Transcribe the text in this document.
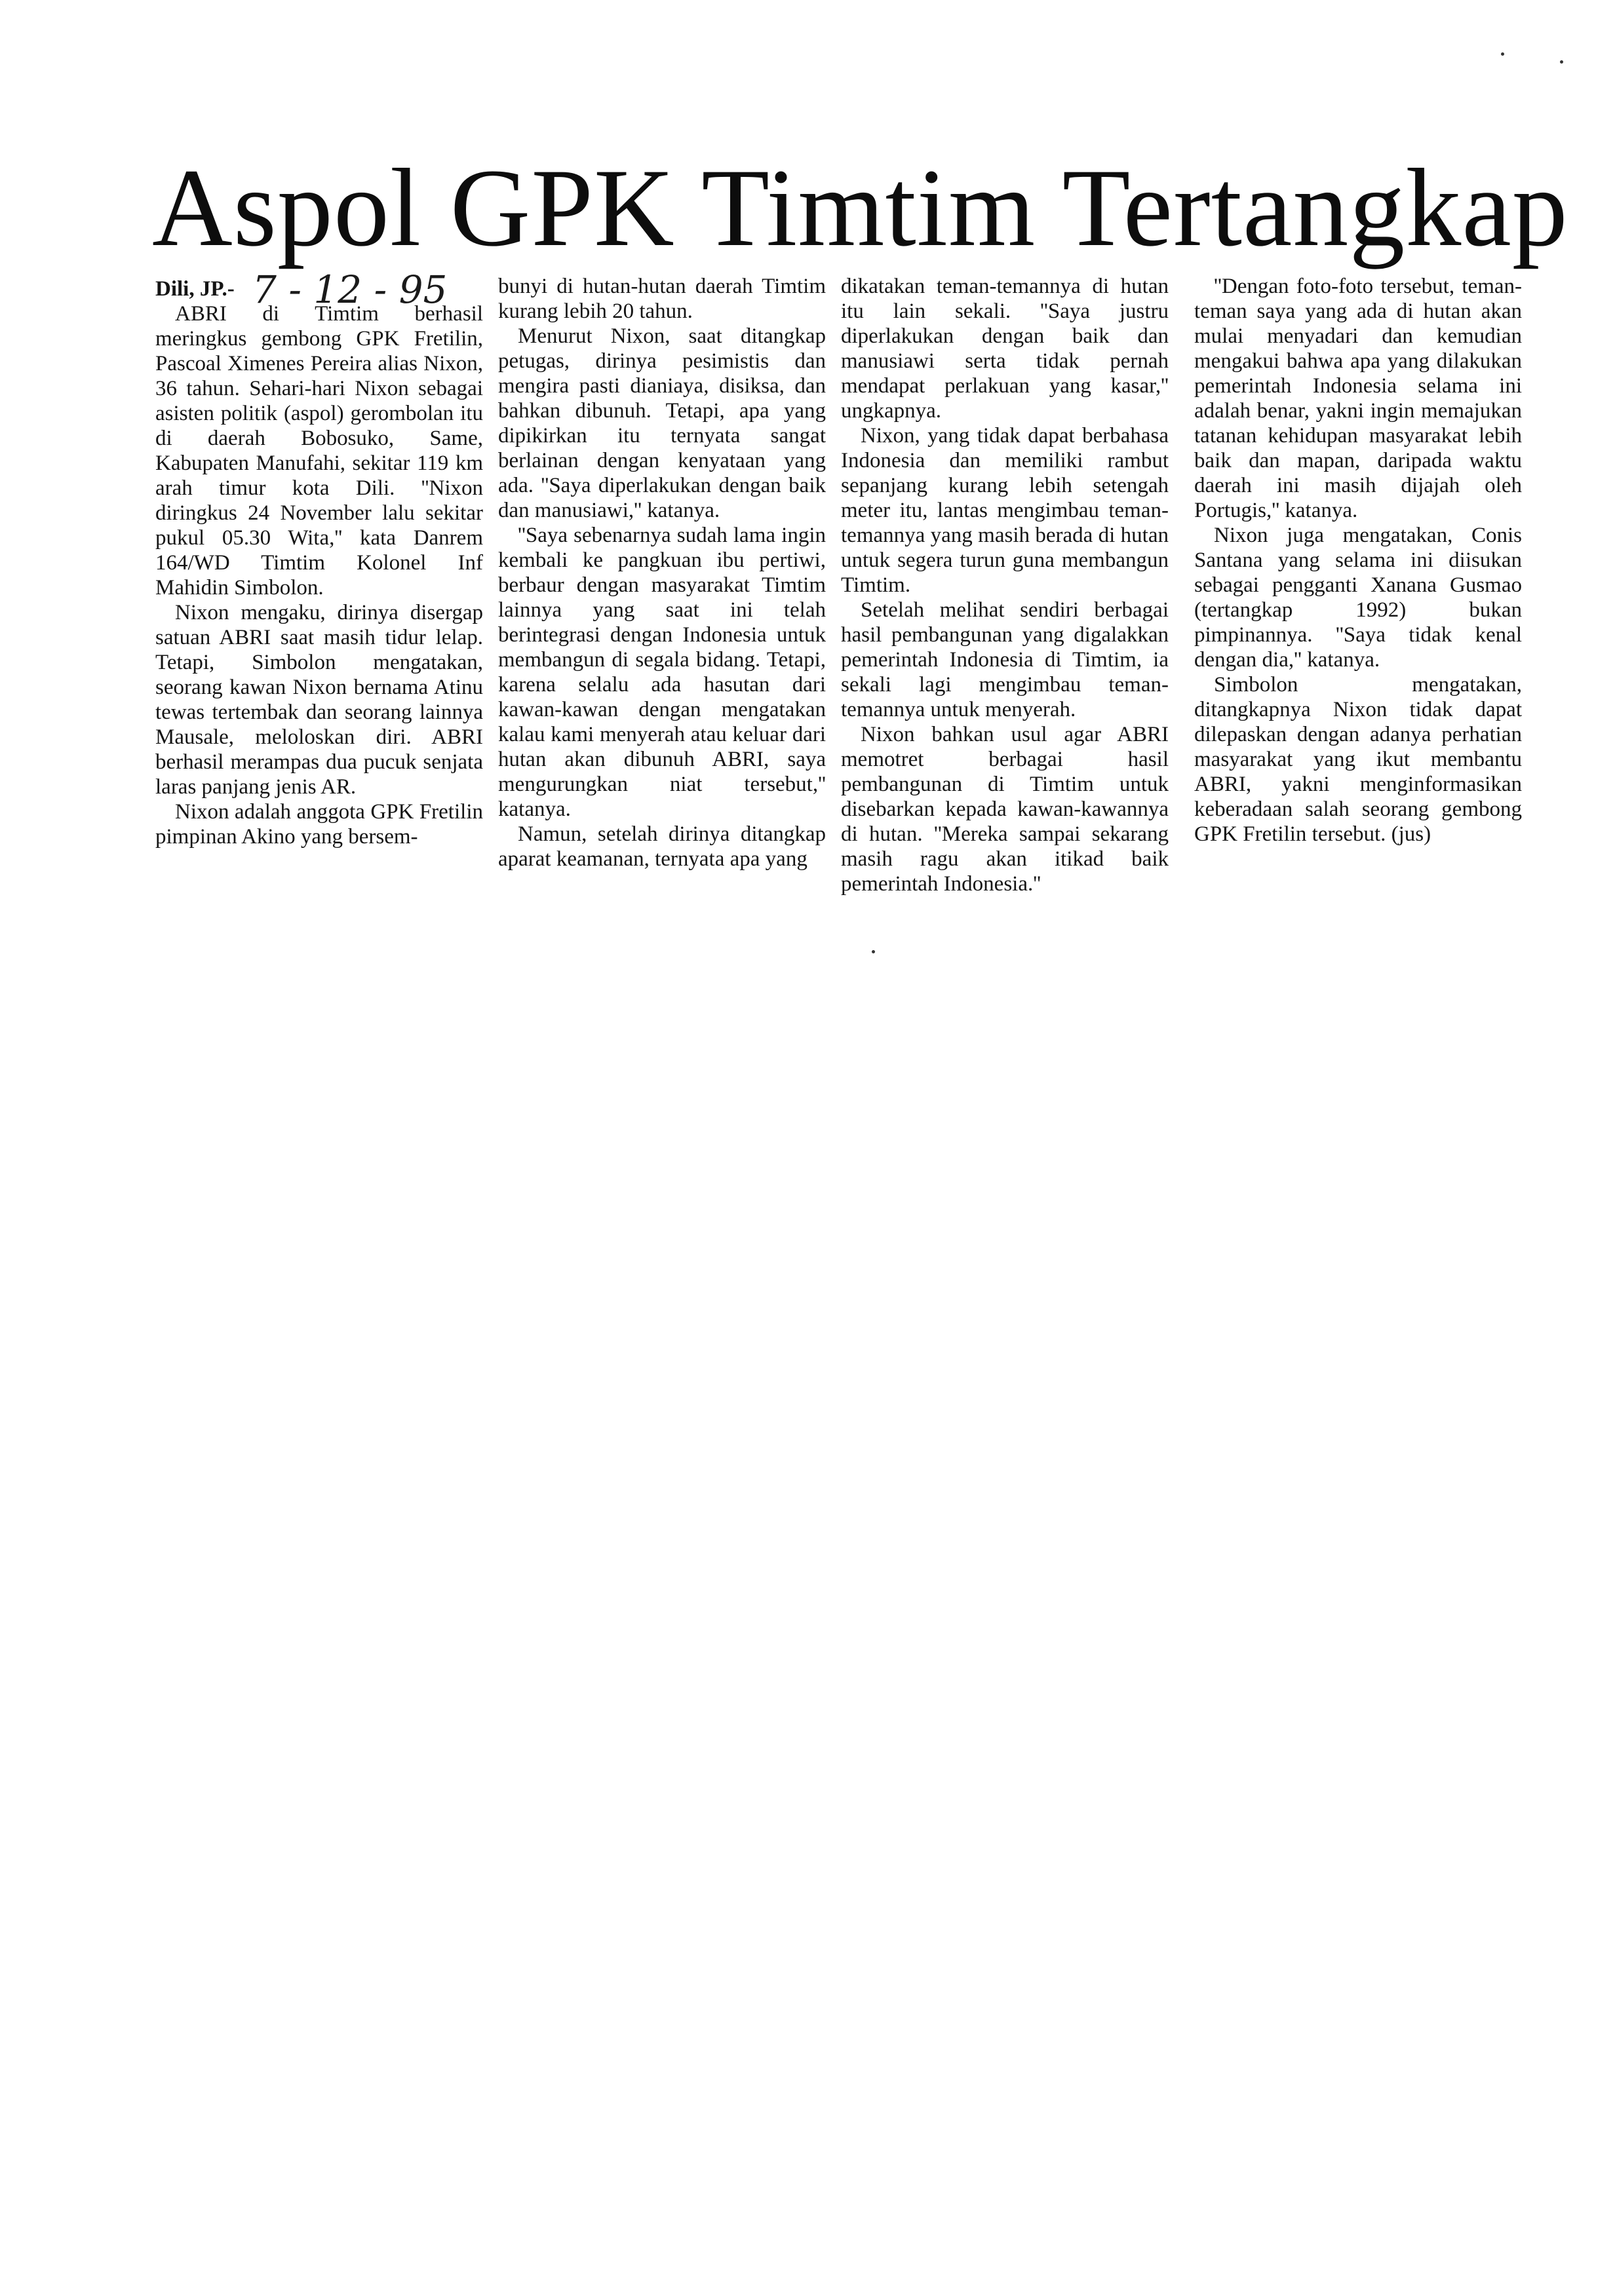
Aspol GPK Timtim Tertangkap
7 - 12 - 95

Dili, JP.-

ABRI di Timtim berhasil meringkus gembong GPK Fretilin, Pascoal Ximenes Pereira alias Nixon, 36 tahun. Sehari-hari Nixon sebagai asisten politik (aspol) gerombolan itu di daerah Bobosuko, Same, Kabupaten Manufahi, sekitar 119 km arah timur kota Dili. ''Nixon diringkus 24 November lalu sekitar pukul 05.30 Wita,'' kata Danrem 164/WD Timtim Kolonel Inf Mahidin Simbolon.

Nixon mengaku, dirinya disergap satuan ABRI saat masih tidur lelap. Tetapi, Simbolon mengatakan, seorang kawan Nixon bernama Atinu tewas tertembak dan seorang lainnya Mausale, meloloskan diri. ABRI berhasil merampas dua pucuk senjata laras panjang jenis AR.

Nixon adalah anggota GPK Fretilin pimpinan Akino yang bersem-

bunyi di hutan-hutan daerah Timtim kurang lebih 20 tahun.

Menurut Nixon, saat ditangkap petugas, dirinya pesimistis dan mengira pasti dianiaya, disiksa, dan bahkan dibunuh. Tetapi, apa yang dipikirkan itu ternyata sangat berlainan dengan kenyataan yang ada. ''Saya diperlakukan dengan baik dan manusiawi,'' katanya.

''Saya sebenarnya sudah lama ingin kembali ke pangkuan ibu pertiwi, berbaur dengan masyarakat Timtim lainnya yang saat ini telah berintegrasi dengan Indonesia untuk membangun di segala bidang. Tetapi, karena selalu ada hasutan dari kawan-kawan dengan mengatakan kalau kami menyerah atau keluar dari hutan akan dibunuh ABRI, saya mengurungkan niat tersebut,'' katanya.

Namun, setelah dirinya ditangkap aparat keamanan, ternyata apa yang

dikatakan teman-temannya di hutan itu lain sekali. ''Saya justru diperlakukan dengan baik dan manusiawi serta tidak pernah mendapat perlakuan yang kasar,'' ungkapnya.

Nixon, yang tidak dapat berbahasa Indonesia dan memiliki rambut sepanjang kurang lebih setengah meter itu, lantas mengimbau teman-temannya yang masih berada di hutan untuk segera turun guna membangun Timtim.

Setelah melihat sendiri berbagai hasil pembangunan yang digalakkan pemerintah Indonesia di Timtim, ia sekali lagi mengimbau teman-temannya untuk menyerah.

Nixon bahkan usul agar ABRI memotret berbagai hasil pembangunan di Timtim untuk disebarkan kepada kawan-kawannya di hutan. ''Mereka sampai sekarang masih ragu akan itikad baik pemerintah Indonesia.''

''Dengan foto-foto tersebut, teman-teman saya yang ada di hutan akan mulai menyadari dan kemudian mengakui bahwa apa yang dilakukan pemerintah Indonesia selama ini adalah benar, yakni ingin memajukan tatanan kehidupan masyarakat lebih baik dan mapan, daripada waktu daerah ini masih dijajah oleh Portugis,'' katanya.

Nixon juga mengatakan, Conis Santana yang selama ini diisukan sebagai pengganti Xanana Gusmao (tertangkap 1992) bukan pimpinannya. ''Saya tidak kenal dengan dia,'' katanya.

Simbolon mengatakan, ditangkapnya Nixon tidak dapat dilepaskan dengan adanya perhatian masyarakat yang ikut membantu ABRI, yakni menginformasikan keberadaan salah seorang gembong GPK Fretilin tersebut. (jus)
